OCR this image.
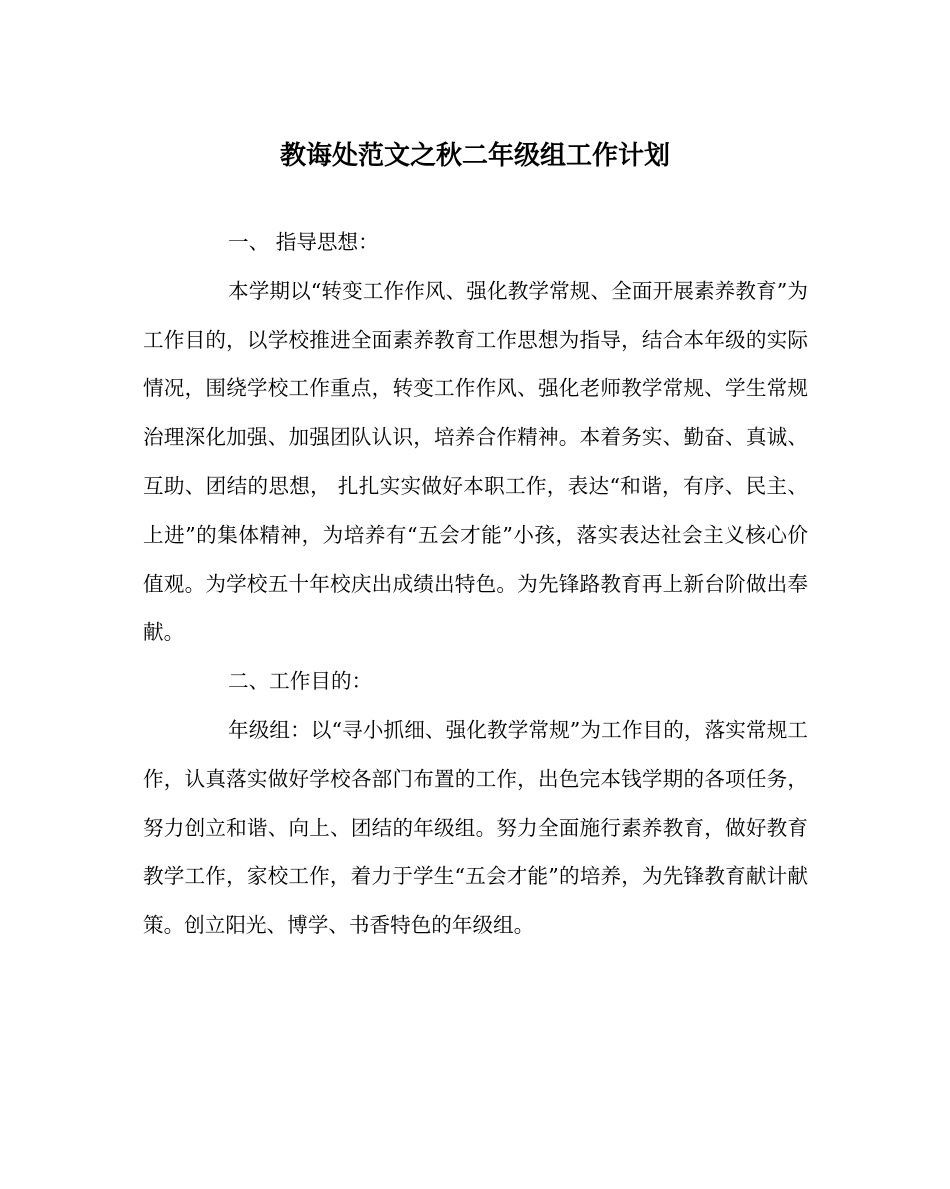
教诲处范文之秋二年级组工作计划

一、 指导思想：

本学期以“转变工作作风、强化教学常规、全面开展素养教育”为工作目的，以学校推进全面素养教育工作思想为指导，结合本年级的实际情况，围绕学校工作重点，转变工作作风、强化老师教学常规、学生常规治理深化加强、加强团队认识，培养合作精神。本着务实、勤奋、真诚、互助、团结的思想， 扎扎实实做好本职工作，表达“和谐，有序、民主、上进”的集体精神，为培养有“五会才能”小孩，落实表达社会主义核心价值观。为学校五十年校庆出成绩出特色。为先锋路教育再上新台阶做出奉献。

二、工作目的：

年级组：以“寻小抓细、强化教学常规”为工作目的，落实常规工作，认真落实做好学校各部门布置的工作，出色完本钱学期的各项任务，努力创立和谐、向上、团结的年级组。努力全面施行素养教育，做好教育教学工作，家校工作，着力于学生“五会才能”的培养，为先锋教育献计献策。创立阳光、博学、书香特色的年级组。
